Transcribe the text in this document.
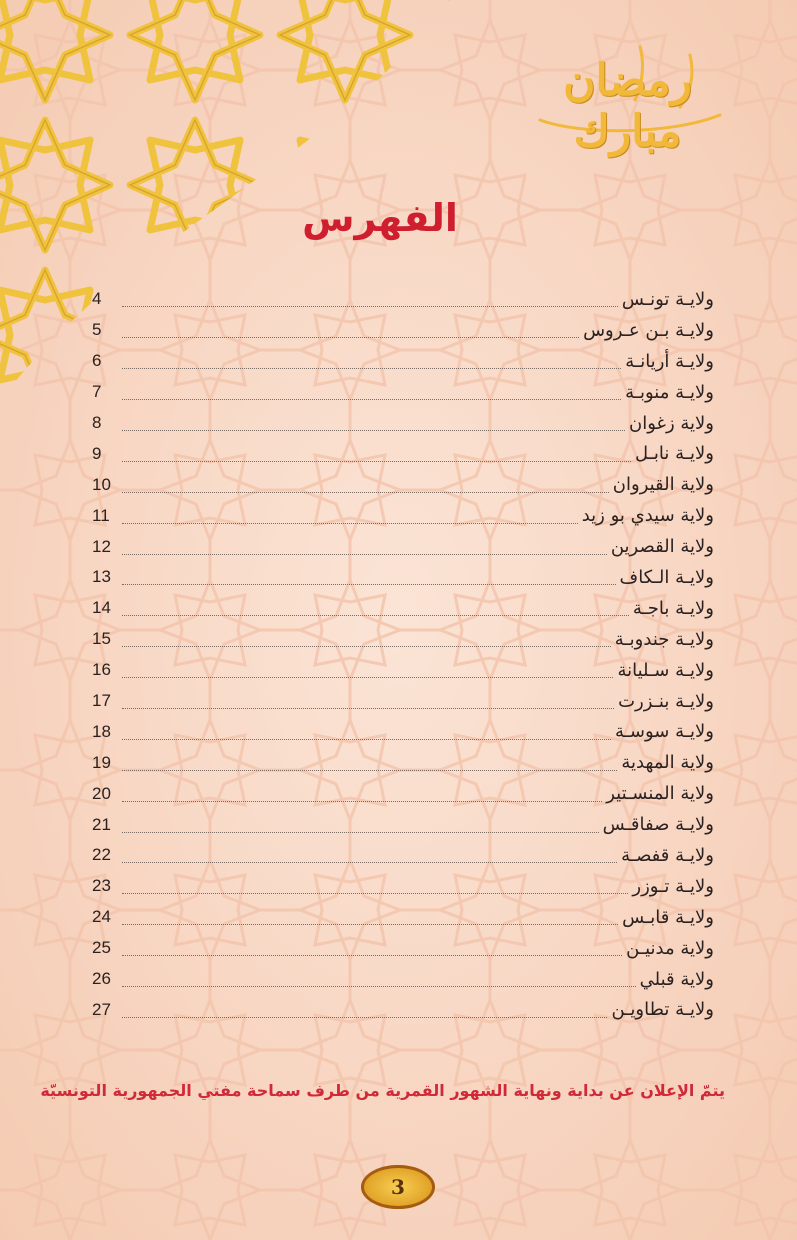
رمضان مبارك
الفهرس
ولايـة تونـس
4
ولايـة بـن عـروس
5
ولايـة أريانـة
6
ولايـة منوبـة
7
ولاية زغوان
8
ولايـة نابـل
9
ولاية القيروان
10
ولاية سيدي بو زيد
11
ولاية القصرين
12
ولايـة الـكاف
13
ولايـة باجـة
14
ولايـة جندوبـة
15
ولايـة سـليانة
16
ولايـة بنـزرت
17
ولايـة سوسـة
18
ولاية المهدية
19
ولاية المنسـتير
20
ولايـة صفاقـس
21
ولايـة قفصـة
22
ولايـة تـوزر
23
ولايـة قابـس
24
ولاية مدنيـن
25
ولاية قبلي
26
ولايـة تطاويـن
27
يتمّ الإعلان عن بداية ونهاية الشهور القمرية من طرف سماحة مفتي الجمهورية التونسيّة
3
